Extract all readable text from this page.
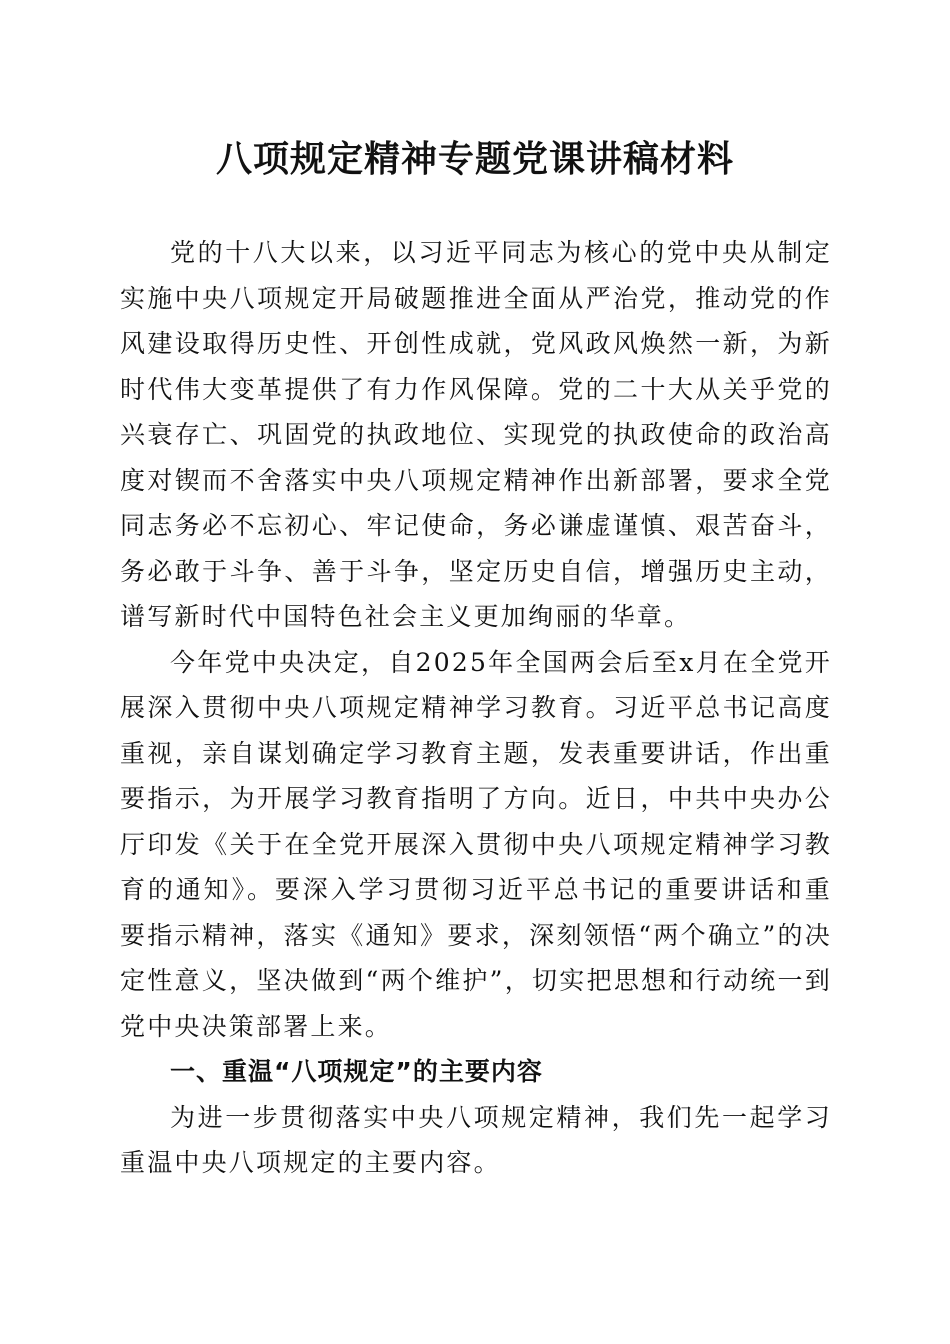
八项规定精神专题党课讲稿材料

党的十八大以来，以习近平同志为核心的党中央从制定实施中央八项规定开局破题推进全面从严治党，推动党的作风建设取得历史性、开创性成就，党风政风焕然一新，为新时代伟大变革提供了有力作风保障。党的二十大从关乎党的兴衰存亡、巩固党的执政地位、实现党的执政使命的政治高度对锲而不舍落实中央八项规定精神作出新部署，要求全党同志务必不忘初心、牢记使命，务必谦虚谨慎、艰苦奋斗，务必敢于斗争、善于斗争，坚定历史自信，增强历史主动，谱写新时代中国特色社会主义更加绚丽的华章。

今年党中央决定，自2025年全国两会后至x月在全党开展深入贯彻中央八项规定精神学习教育。习近平总书记高度重视，亲自谋划确定学习教育主题，发表重要讲话，作出重要指示，为开展学习教育指明了方向。近日，中共中央办公厅印发《关于在全党开展深入贯彻中央八项规定精神学习教育的通知》。要深入学习贯彻习近平总书记的重要讲话和重要指示精神，落实《通知》要求，深刻领悟“两个确立”的决定性意义，坚决做到“两个维护”，切实把思想和行动统一到党中央决策部署上来。

一、重温“八项规定”的主要内容

为进一步贯彻落实中央八项规定精神，我们先一起学习重温中央八项规定的主要内容。
